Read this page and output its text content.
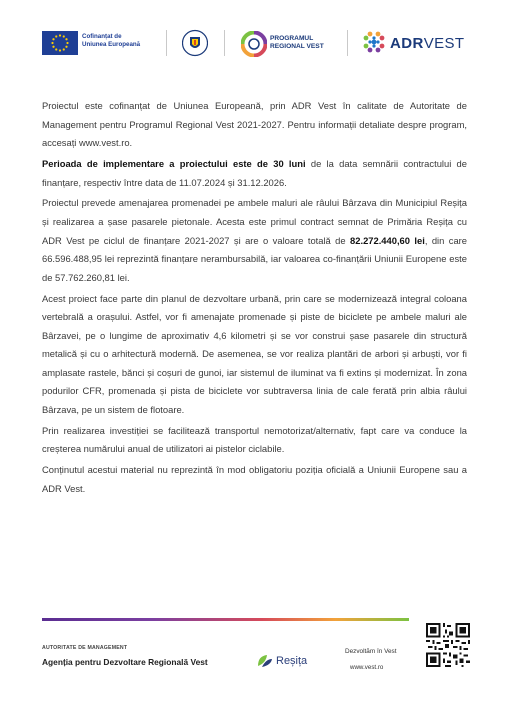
Cofinanțat de
Uniunea Europeană
PROGRAMUL
REGIONAL VEST	ADRVEST

Proiectul este cofinanțat de Uniunea Europeană, prin ADR Vest în calitate de Autoritate de Management pentru Programul Regional Vest 2021-2027. Pentru informații detaliate despre program, accesați www.vest.ro.

Perioada de implementare a proiectului este de 30 luni de la data semnării contractului de finanțare, respectiv între data de 11.07.2024 și 31.12.2026.

Proiectul prevede amenajarea promenadei pe ambele maluri ale râului Bârzava din Municipiul Reșița și realizarea a șase pasarele pietonale. Acesta este primul contract semnat de Primăria Reșița cu ADR Vest pe ciclul de finanțare 2021-2027 și are o valoare totală de 82.272.440,60 lei, din care 66.596.488,95 lei reprezintă finanțare nerambursabilă, iar valoarea co-finanțării Uniunii Europene este de 57.762.260,81 lei.

Acest proiect face parte din planul de dezvoltare urbană, prin care se modernizează integral coloana vertebrală a orașului. Astfel, vor fi amenajate promenade și piste de biciclete pe ambele maluri ale Bârzavei, pe o lungime de aproximativ 4,6 kilometri și se vor construi șase pasarele din structură metalică și cu o arhitectură modernă. De asemenea, se vor realiza plantări de arbori și arbuști, vor fi amplasate rastele, bănci și coșuri de gunoi, iar sistemul de iluminat va fi extins și modernizat. În zona podurilor CFR, promenada și pista de biciclete vor subtraversa linia de cale ferată prin albia râului Bârzava, pe un sistem de flotoare.

Prin realizarea investiției se facilitează transportul nemotorizat/alternativ, fapt care va conduce la creșterea numărului anual de utilizatori ai pistelor ciclabile.

Conținutul acestui material nu reprezintă în mod obligatoriu poziția oficială a Uniunii Europene sau a ADR Vest.

AUTORITATE DE MANAGEMENT
Agenția pentru Dezvoltare Regională Vest	Reșița
Dezvoltăm în Vest
www.vest.ro
